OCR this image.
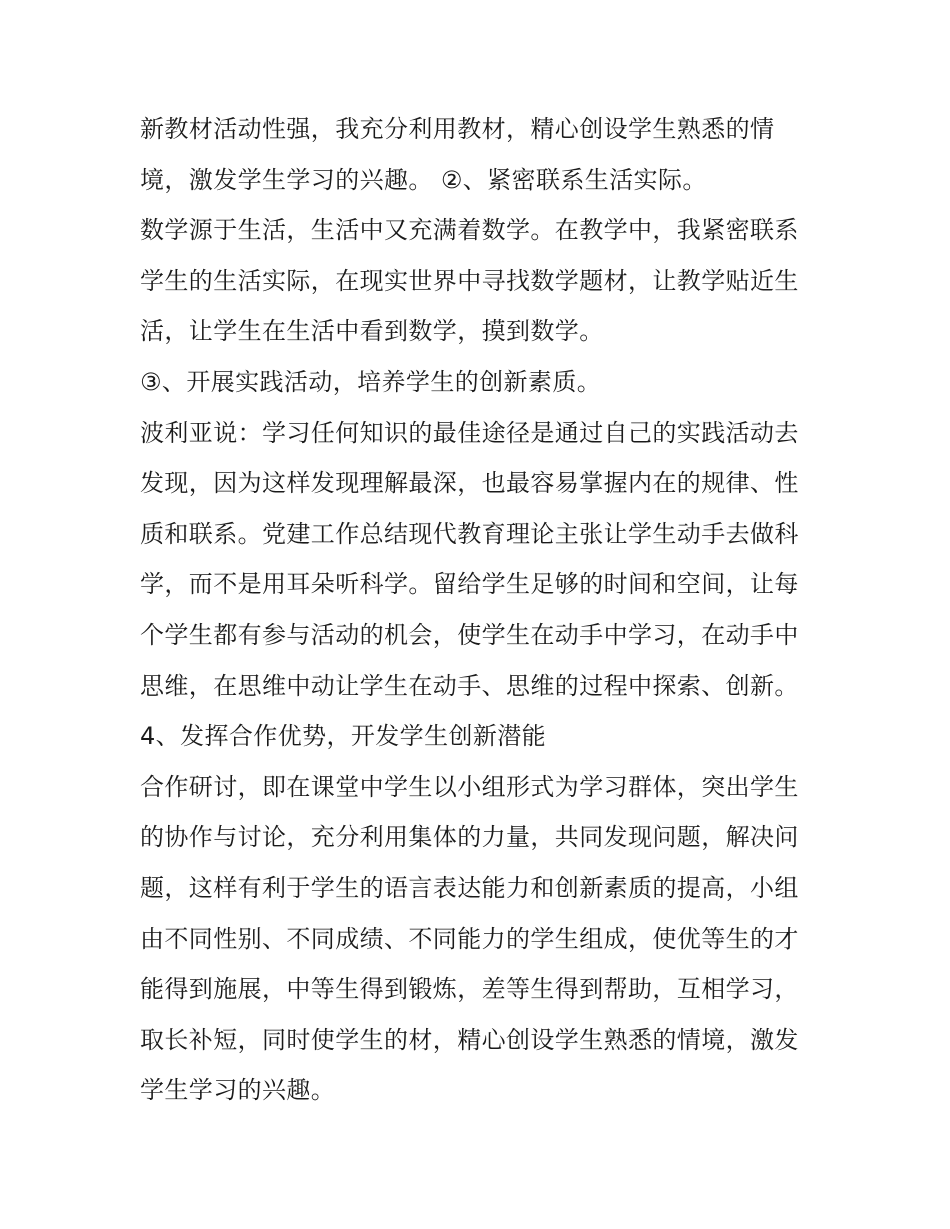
新教材活动性强，我充分利用教材，精心创设学生熟悉的情境，激发学生学习的兴趣。 ②、紧密联系生活实际。

数学源于生活，生活中又充满着数学。在教学中，我紧密联系学生的生活实际，在现实世界中寻找数学题材，让教学贴近生活，让学生在生活中看到数学，摸到数学。

③、开展实践活动，培养学生的创新素质。

波利亚说：学习任何知识的最佳途径是通过自己的实践活动去发现，因为这样发现理解最深，也最容易掌握内在的规律、性质和联系。党建工作总结现代教育理论主张让学生动手去做科学，而不是用耳朵听科学。留给学生足够的时间和空间，让每个学生都有参与活动的机会，使学生在动手中学习，在动手中思维，在思维中动让学生在动手、思维的过程中探索、创新。

4、发挥合作优势，开发学生创新潜能

合作研讨，即在课堂中学生以小组形式为学习群体，突出学生的协作与讨论，充分利用集体的力量，共同发现问题，解决问题，这样有利于学生的语言表达能力和创新素质的提高，小组由不同性别、不同成绩、不同能力的学生组成，使优等生的才能得到施展，中等生得到锻炼，差等生得到帮助，互相学习，取长补短，同时使学生的材，精心创设学生熟悉的情境，激发学生学习的兴趣。
